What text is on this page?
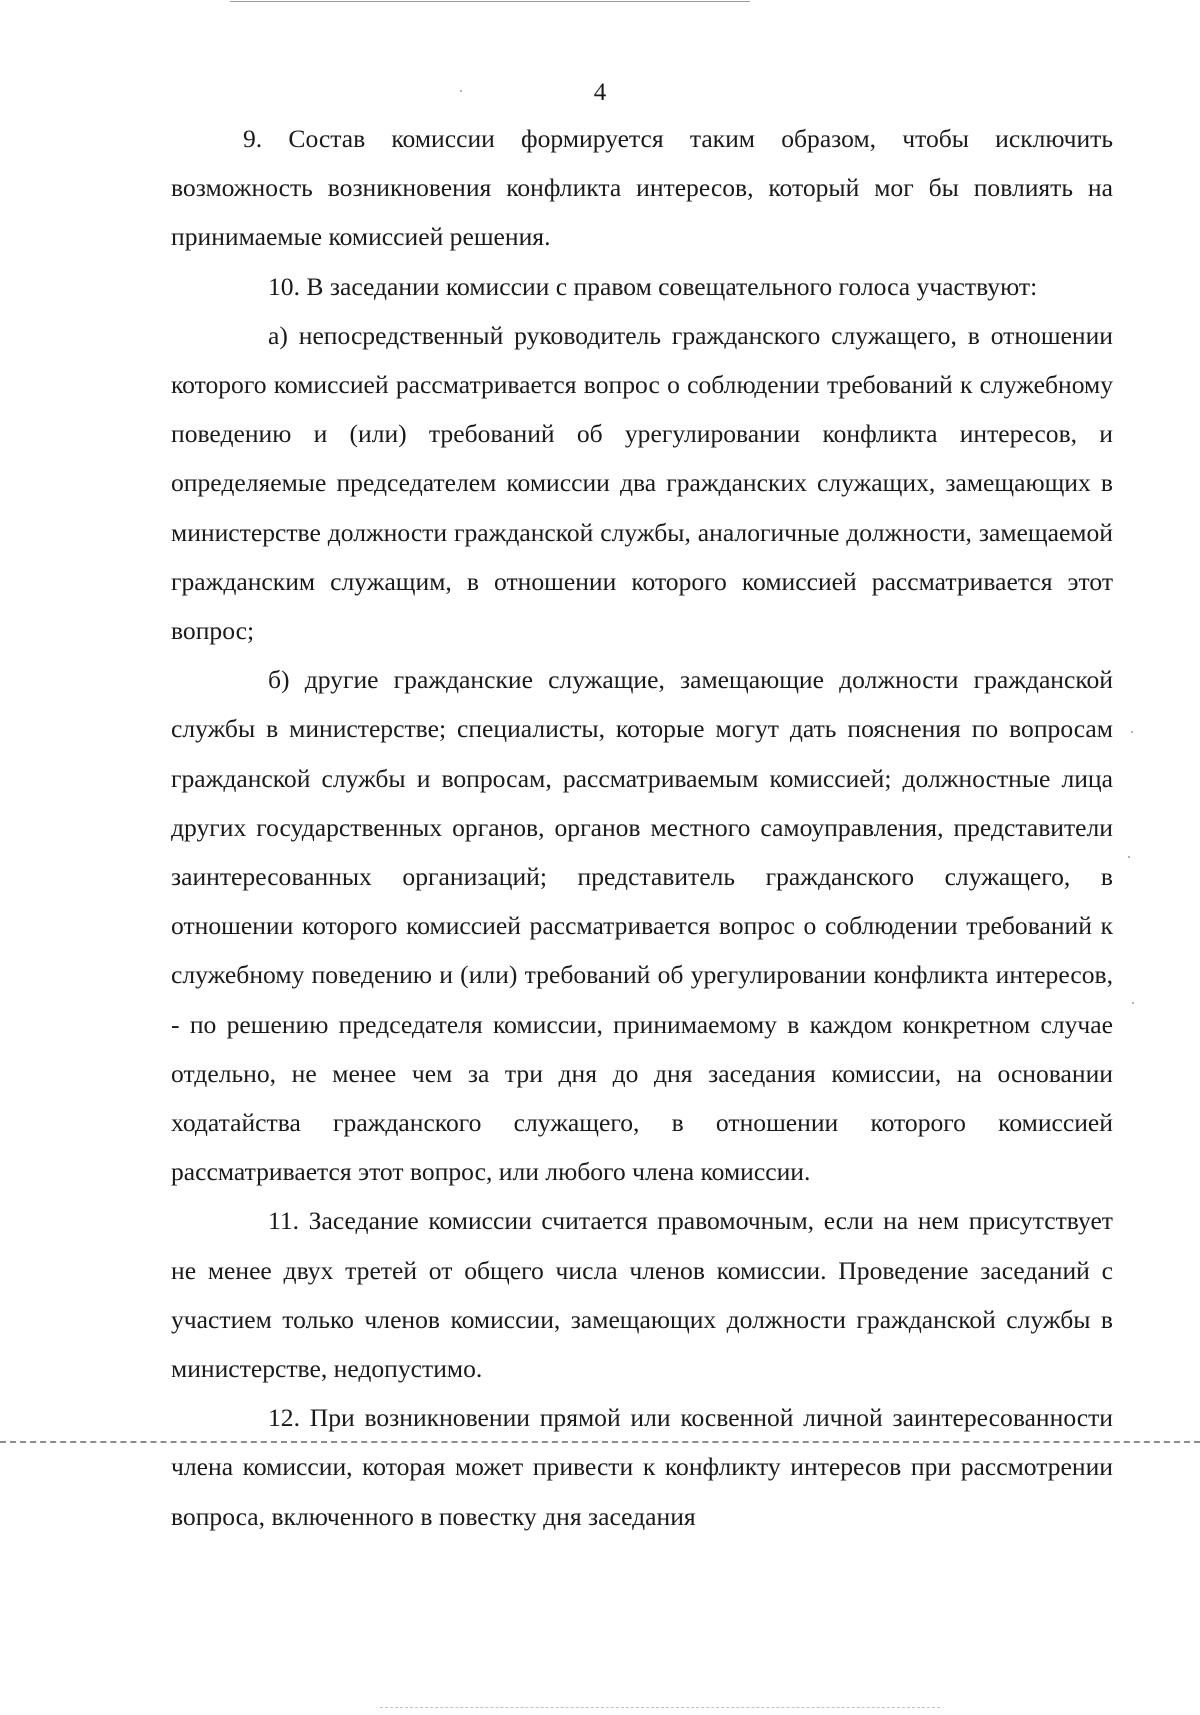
4

9. Состав комиссии формируется таким образом, чтобы исключить возможность возникновения конфликта интересов, который мог бы повлиять на принимаемые комиссией решения.

10. В заседании комиссии с правом совещательного голоса участвуют:

а) непосредственный руководитель гражданского служащего, в отношении которого комиссией рассматривается вопрос о соблюдении требований к служебному поведению и (или) требований об урегулировании конфликта интересов, и определяемые председателем комиссии два гражданских служащих, замещающих в министерстве должности гражданской службы, аналогичные должности, замещаемой гражданским служащим, в отношении которого комиссией рассматривается этот вопрос;

б) другие гражданские служащие, замещающие должности гражданской службы в министерстве; специалисты, которые могут дать пояснения по вопросам гражданской службы и вопросам, рассматриваемым комиссией; должностные лица других государственных органов, органов местного самоуправления, представители заинтересованных организаций; представитель гражданского служащего, в отношении которого комиссией рассматривается вопрос о соблюдении требований к служебному поведению и (или) требований об урегулировании конфликта интересов, - по решению председателя комиссии, принимаемому в каждом конкретном случае отдельно, не менее чем за три дня до дня заседания комиссии, на основании ходатайства гражданского служащего, в отношении которого комиссией рассматривается этот вопрос, или любого члена комиссии.

11. Заседание комиссии считается правомочным, если на нем присутствует не менее двух третей от общего числа членов комиссии. Проведение заседаний с участием только членов комиссии, замещающих должности гражданской службы в министерстве, недопустимо.

12. При возникновении прямой или косвенной личной заинтересованности члена комиссии, которая может привести к конфликту интересов при рассмотрении вопроса, включенного в повестку дня заседания
